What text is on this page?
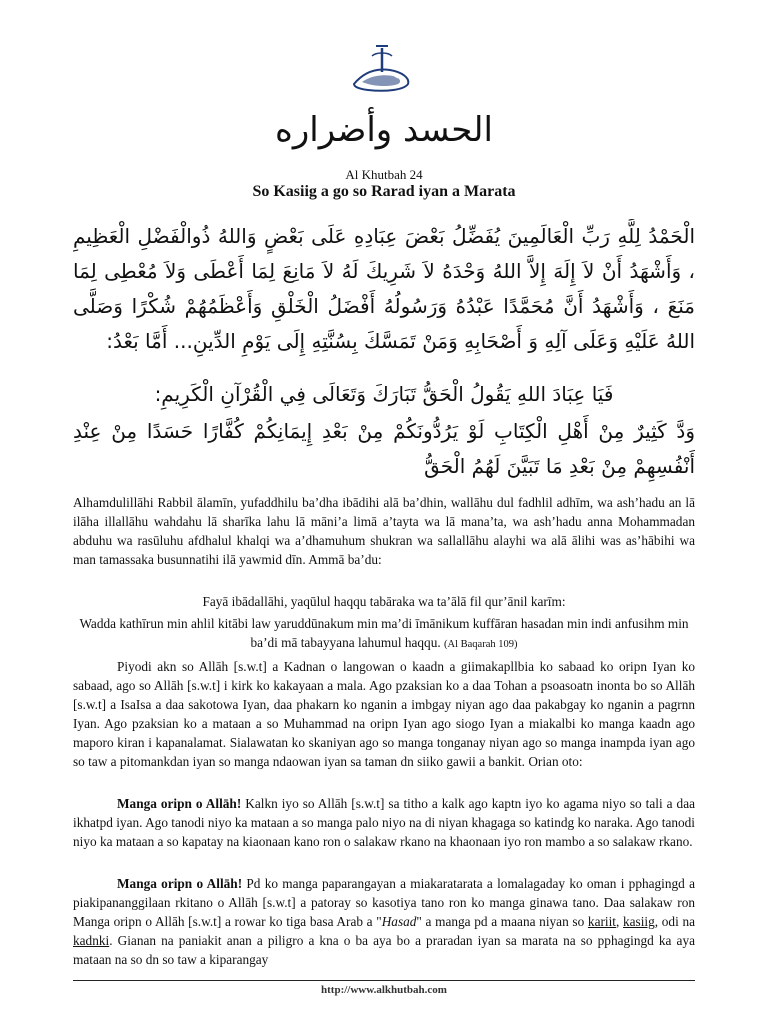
الحسد وأضراره
Al Khutbah 24
So Kasiig a go so Rarad iyan a Marata
الْحَمْدُ لِلَّهِ رَبِّ الْعَالَمِينَ يُفَضِّلُ بَعْضَ عِبَادِهِ عَلَى بَعْضٍ وَاللهُ ذُوالْفَضْلِ الْعَظِيمِ ، وَأَشْهَدُ أَنْ لاَ إِلَهَ إِلاَّ اللهُ وَحْدَهُ لاَ شَرِيكَ لَهُ لاَ مَانِعَ لِمَا أَعْطَى وَلاَ مُعْطِى لِمَا مَنَعَ ، وَأَشْهَدُ أَنَّ مُحَمَّدًا عَبْدُهُ وَرَسُولُهُ أَفْضَلُ الْخَلْقِ وَأَعْظَمُهُمْ شُكْرًا وَصَلَّى اللهُ عَلَيْهِ وَعَلَى آلِهِ وَ أَصْحَابِهِ وَمَنْ تَمَسَّكَ بِسُنَّتِهِ إِلَى يَوْمِ الدِّينِ... أَمَّا بَعْدُ:
فَيَا عِبَادَ اللهِ يَقُولُ الْحَقُّ تَبَارَكَ وَتَعَالَى فِي الْقُرْآنِ الْكَرِيمِ:
وَدَّ كَثِيرٌ مِنْ أَهْلِ الْكِتَابِ لَوْ يَرُدُّونَكُمْ مِنْ بَعْدِ إِيمَانِكُمْ كُفَّارًا حَسَدًا مِنْ عِنْدِ أَنْفُسِهِمْ مِنْ بَعْدِ مَا تَبَيَّنَ لَهُمُ الْحَقُّ
Alhamdulillāhi Rabbil ālamīn, yufaddhilu ba’dha ibādihi alā ba’dhin, wallāhu dul fadhlil adhīm, wa ash’hadu an lā ilāha illallāhu wahdahu lā sharīka lahu lā māni’a limā a’tayta wa lā mana’ta, wa ash’hadu anna Mohammadan abduhu wa rasūluhu afdhalul khalqi wa a’dhamuhum shukran wa sallallāhu alayhi wa alā ālihi was as’hābihi wa man tamassaka busunnatihi ilā yawmid dīn. Ammā ba’du:
Fayā ibādallāhi, yaqūlul haqqu tabāraka wa ta’ālā fil qur’ānil karīm:
Wadda kathīrun min ahlil kitābi law yaruddūnakum min ma’di īmānikum kuffāran hasadan min indi anfusihm min ba’di mā tabayyana lahumul haqqu. (Al Baqarah 109)
Piyodi akn so Allāh [s.w.t] a Kadnan o langowan o kaadn a giimakapllbia ko sabaad ko oripn Iyan ko sabaad, ago so Allāh [s.w.t] i kirk ko kakayaan a mala. Ago pzaksian ko a daa Tohan a psoasoatn inonta bo so Allāh [s.w.t] a IsaIsa a daa sakotowa Iyan, daa phakarn ko nganin a imbgay niyan ago daa pakabgay ko nganin a pagrnn Iyan. Ago pzaksian ko a mataan a so Muhammad na oripn Iyan ago siogo Iyan a miakalbi ko manga kaadn ago maporo kiran i kapanalamat. Sialawatan ko skaniyan ago so manga tonganay niyan ago so manga inampda iyan ago so taw a pitomankdan iyan so manga ndaowan iyan sa taman dn siiko gawii a bankit. Orian oto:
Manga oripn o Allāh! Kalkn iyo so Allāh [s.w.t] sa titho a kalk ago kaptn iyo ko agama niyo so tali a daa ikhatpd iyan. Ago tanodi niyo ka mataan a so manga palo niyo na di niyan khagaga so katindg ko naraka. Ago tanodi niyo ka mataan a so kapatay na kiaonaan kano ron o salakaw rkano na khaonaan iyo ron mambo a so salakaw rkano.
Manga oripn o Allāh! Pd ko manga paparangayan a miakaratarata a lomalagaday ko oman i pphagingd a piakipananggilaan rkitano o Allāh [s.w.t] a patoray so kasotiya tano ron ko manga ginawa tano. Daa salakaw ron Manga oripn o Allāh [s.w.t] a rowar ko tiga basa Arab a "Hasad" a manga pd a maana niyan so kariit, kasiig, odi na kadnki. Gianan na paniakit anan a piligro a kna o ba aya bo a praradan iyan sa marata na so pphagingd ka aya mataan na so dn so taw a kiparangay
http://www.alkhutbah.com
